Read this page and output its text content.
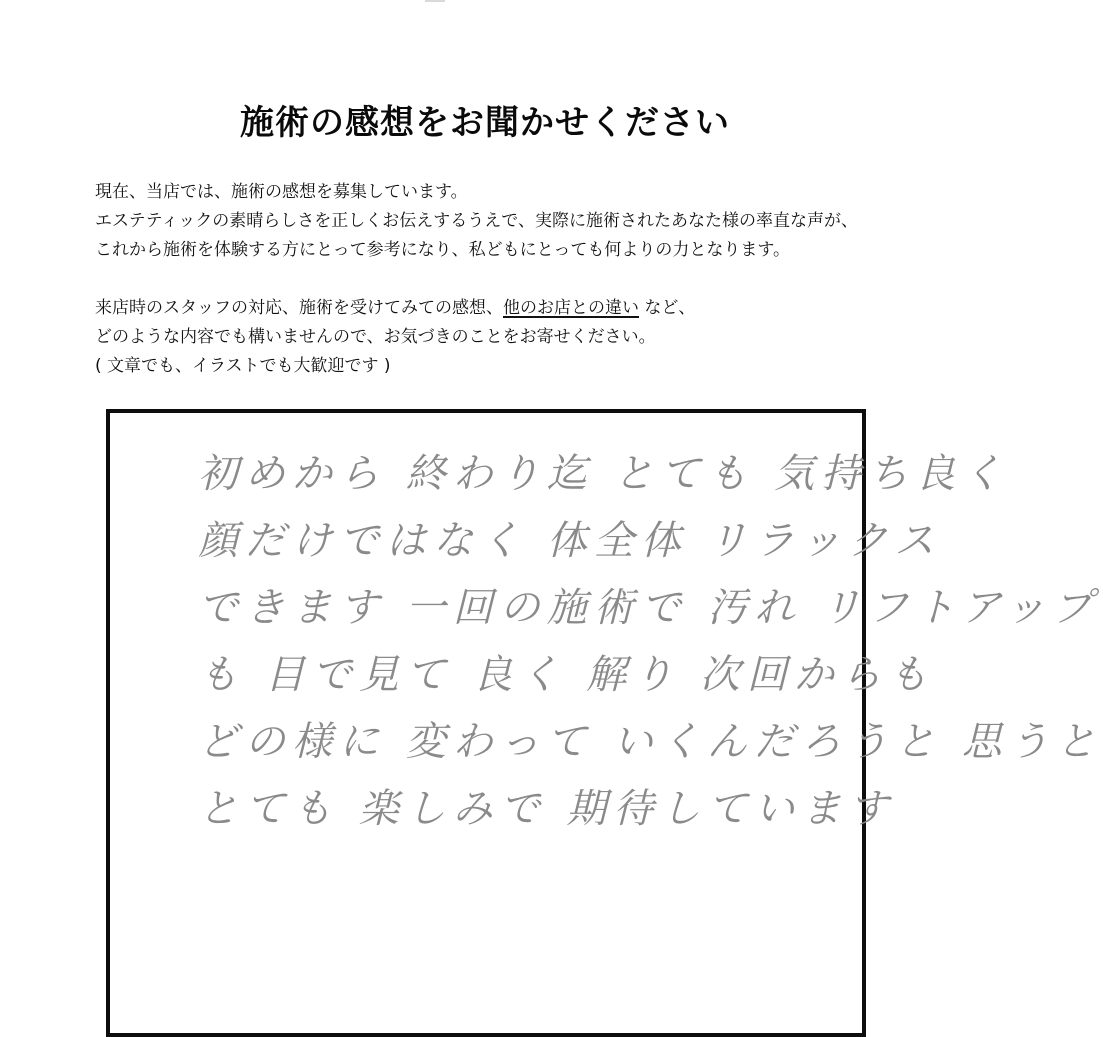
施術の感想をお聞かせください

現在、当店では、施術の感想を募集しています。

エステティックの素晴らしさを正しくお伝えするうえで、実際に施術されたあなた様の率直な声が、

これから施術を体験する方にとって参考になり、私どもにとっても何よりの力となります。

来店時のスタッフの対応、施術を受けてみての感想、他のお店との違い など、

どのような内容でも構いませんので、お気づきのことをお寄せください。

( 文章でも、イラストでも大歓迎です )

初めから 終わり迄 とても 気持ち良く

顔だけではなく 体全体 リラックス

できます 一回の施術で 汚れ リフトアップ

も 目で見て 良く 解り 次回からも

どの様に 変わって いくんだろうと 思うと

とても 楽しみで 期待しています
